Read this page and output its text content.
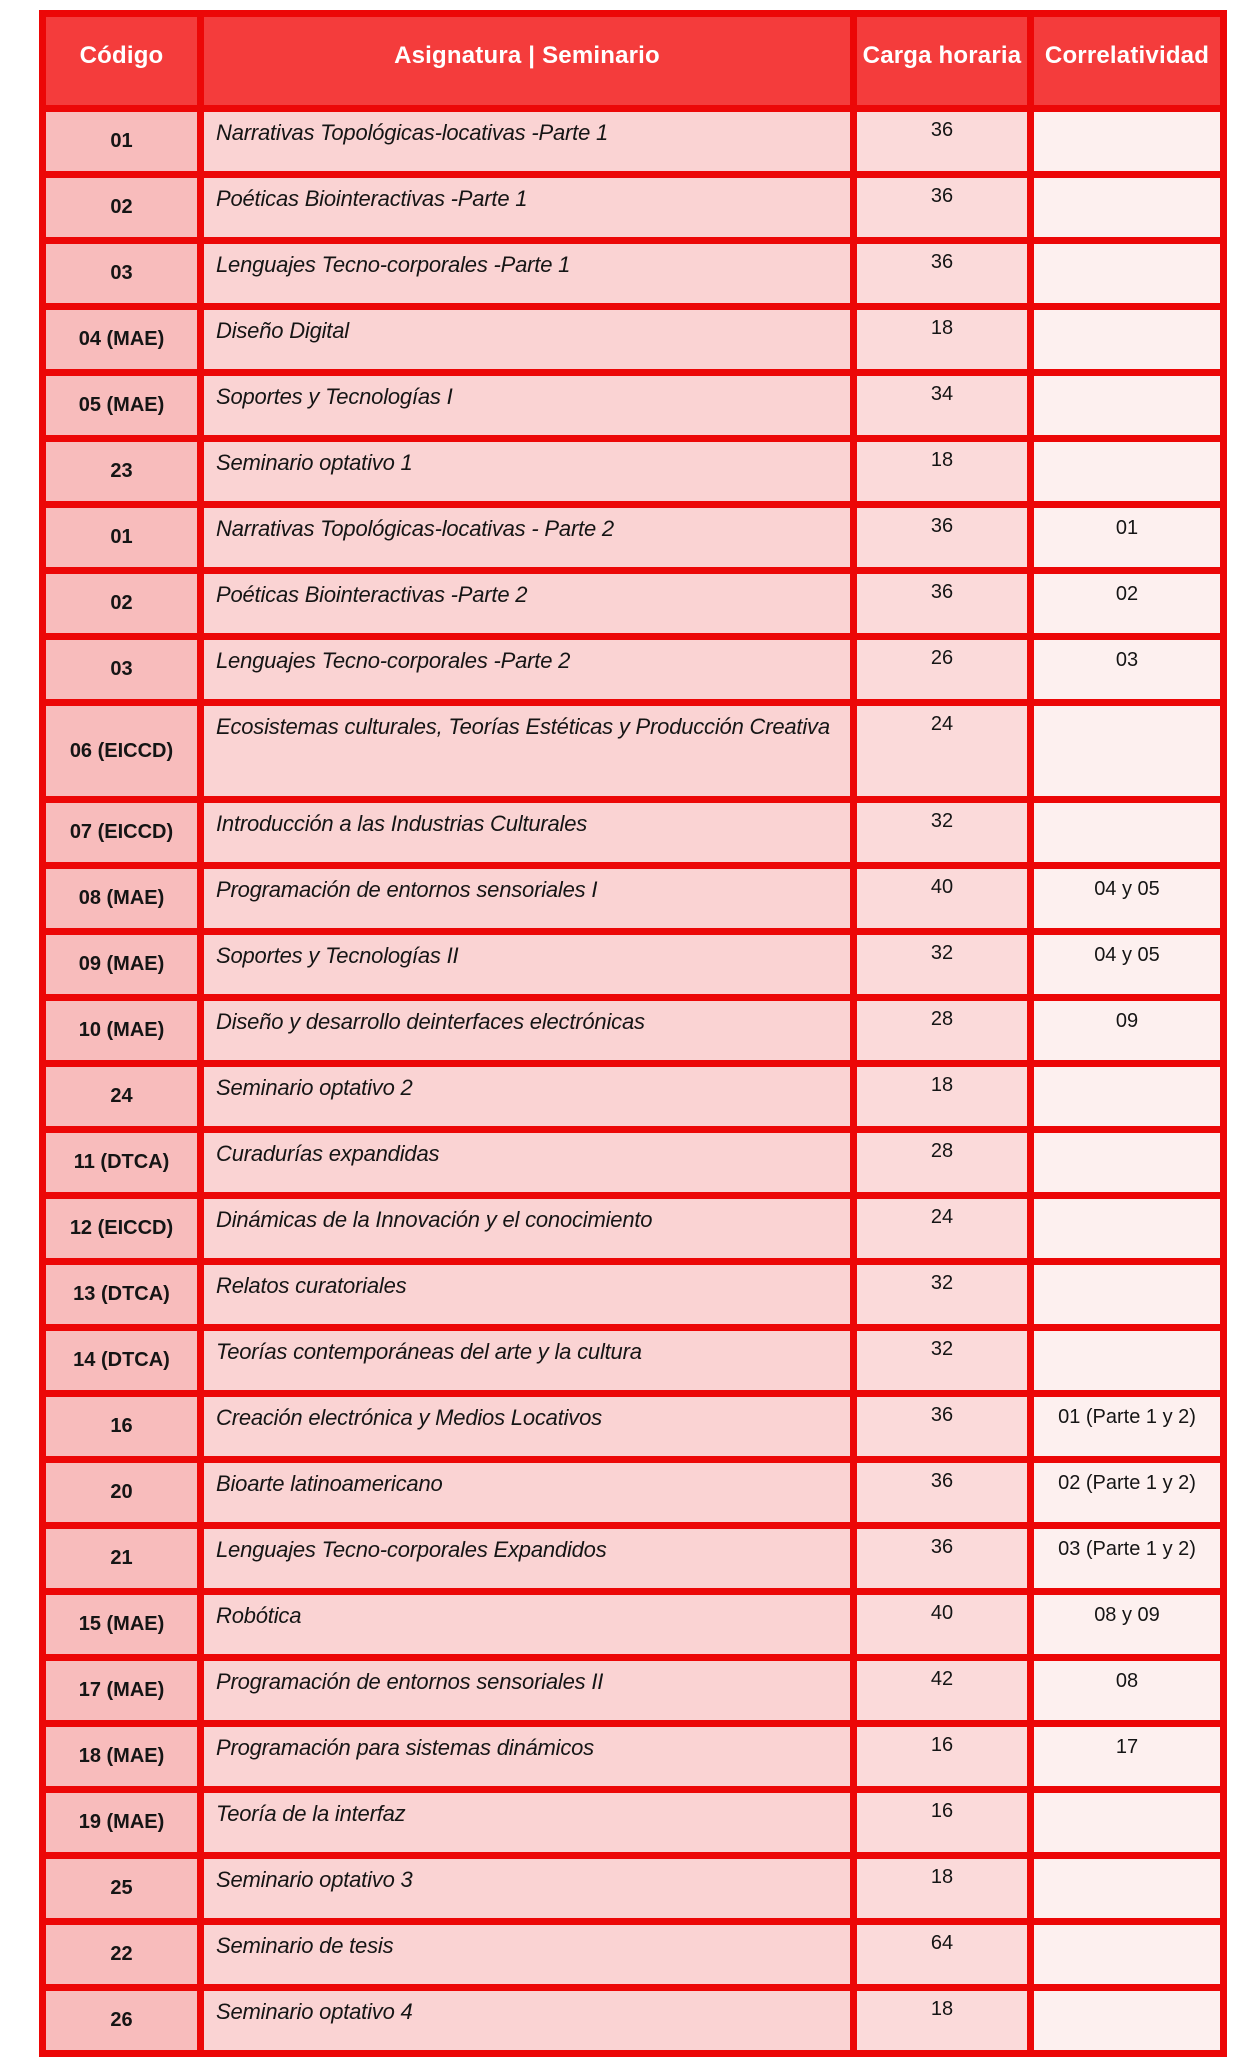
Código	Asignatura | Seminario	Carga horaria	Correlatividad
01	Narrativas Topológicas-locativas -Parte 1	36	
02	Poéticas Biointeractivas -Parte 1	36	
03	Lenguajes Tecno-corporales -Parte 1	36	
04 (MAE)	Diseño Digital	18	
05 (MAE)	Soportes y Tecnologías I	34	
23	Seminario optativo 1	18	
01	Narrativas Topológicas-locativas - Parte 2	36	01
02	Poéticas Biointeractivas -Parte 2	36	02
03	Lenguajes Tecno-corporales -Parte 2	26	03
06 (EICCD)	Ecosistemas culturales, Teorías Estéticas y Producción Creativa	24	
07 (EICCD)	Introducción a las Industrias Culturales	32	
08 (MAE)	Programación de entornos sensoriales I	40	04 y 05
09 (MAE)	Soportes y Tecnologías II	32	04 y 05
10 (MAE)	Diseño y desarrollo deinterfaces electrónicas	28	09
24	Seminario optativo 2	18	
11 (DTCA)	Curadurías expandidas	28	
12 (EICCD)	Dinámicas de la Innovación y el conocimiento	24	
13 (DTCA)	Relatos curatoriales	32	
14 (DTCA)	Teorías contemporáneas del arte y la cultura	32	
16	Creación electrónica y Medios Locativos	36	01 (Parte 1 y 2)
20	Bioarte latinoamericano	36	02 (Parte 1 y 2)
21	Lenguajes Tecno-corporales Expandidos	36	03 (Parte 1 y 2)
15 (MAE)	Robótica	40	08 y 09
17 (MAE)	Programación de entornos sensoriales II	42	08
18 (MAE)	Programación para sistemas dinámicos	16	17
19 (MAE)	Teoría de la interfaz	16	
25	Seminario optativo 3	18	
22	Seminario de tesis	64	
26	Seminario optativo 4	18	
